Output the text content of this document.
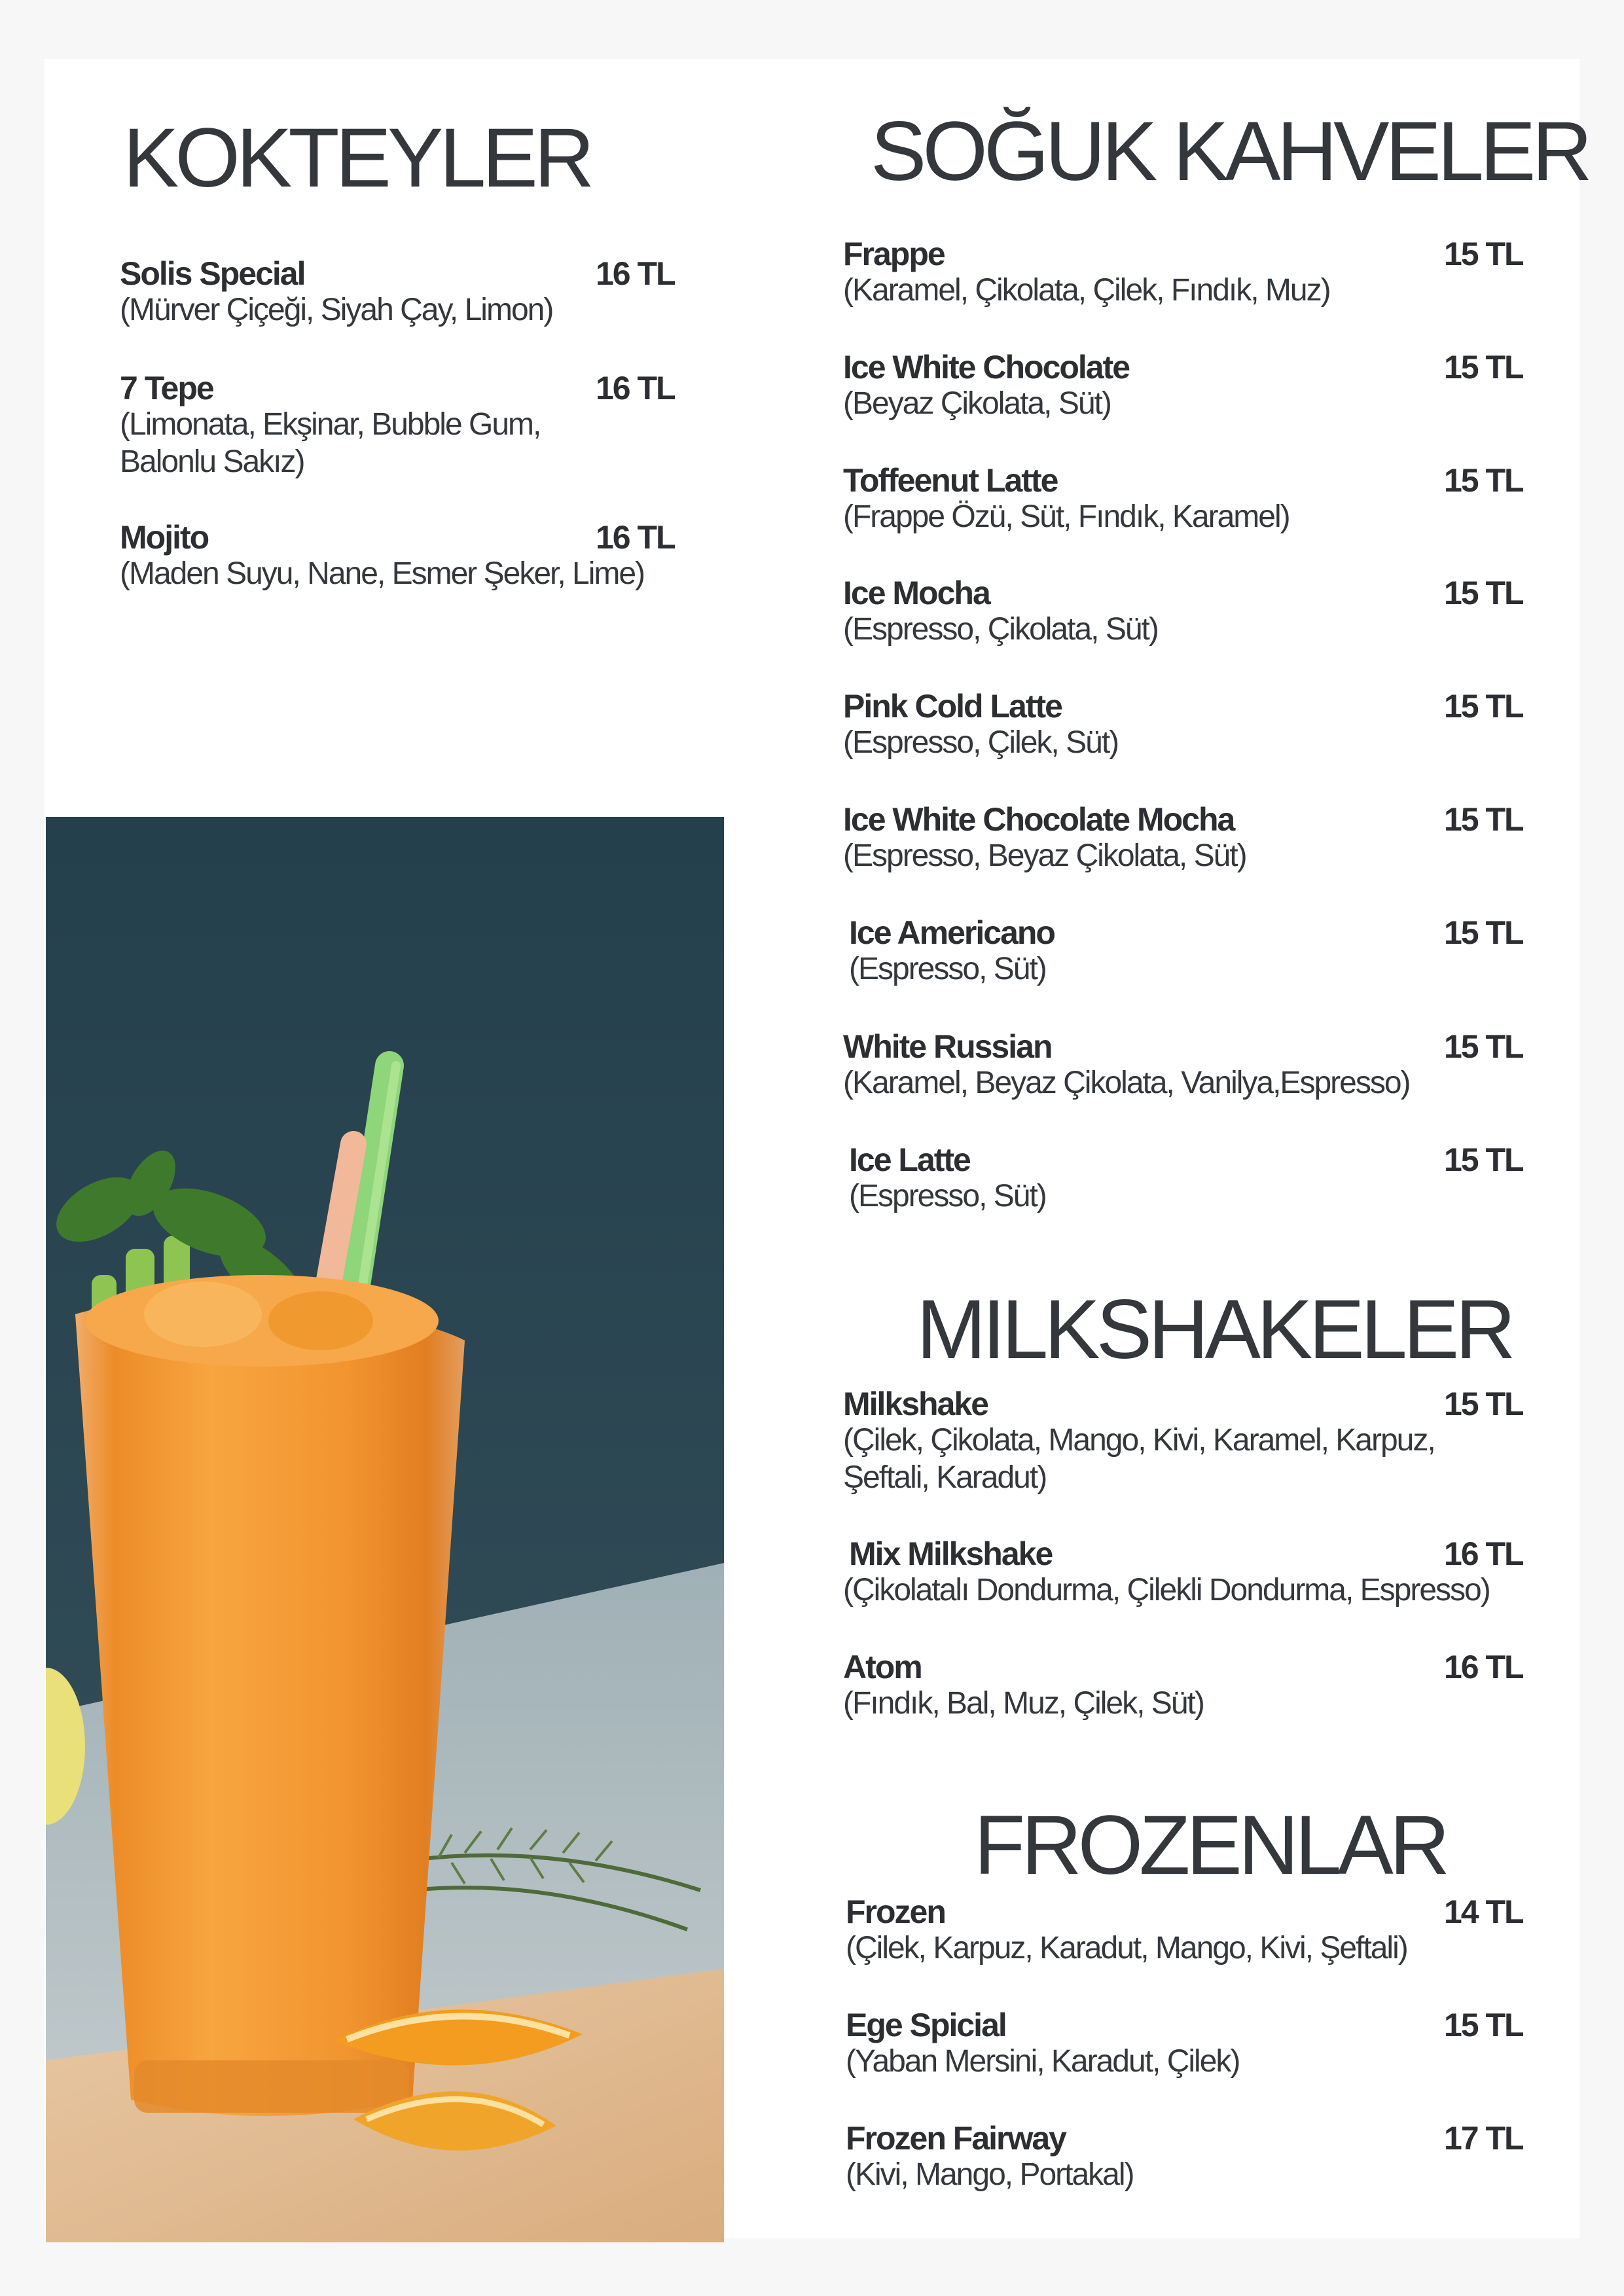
KOKTEYLER
Solis Special	16 TL
(Mürver Çiçeği, Siyah Çay, Limon)
7 Tepe	16 TL
(Limonata, Ekşinar, Bubble Gum, Balonlu Sakız)
Mojito	16 TL
(Maden Suyu, Nane, Esmer Şeker, Lime)
SOĞUK KAHVELER
Frappe	15 TL
(Karamel, Çikolata, Çilek, Fındık, Muz)
Ice White Chocolate	15 TL
(Beyaz Çikolata, Süt)
Toffeenut Latte	15 TL
(Frappe Özü, Süt, Fındık, Karamel)
Ice Mocha	15 TL
(Espresso, Çikolata, Süt)
Pink Cold Latte	15 TL
(Espresso, Çilek, Süt)
Ice White Chocolate Mocha	15 TL
(Espresso, Beyaz Çikolata, Süt)
Ice Americano	15 TL
(Espresso, Süt)
White Russian	15 TL
(Karamel, Beyaz Çikolata, Vanilya,Espresso)
Ice Latte	15 TL
(Espresso, Süt)
MILKSHAKELER
Milkshake	15 TL
(Çilek, Çikolata, Mango, Kivi, Karamel, Karpuz, Şeftali, Karadut)
Mix Milkshake	16 TL
(Çikolatalı Dondurma, Çilekli Dondurma, Espresso)
Atom	16 TL
(Fındık, Bal, Muz, Çilek, Süt)
FROZENLAR
Frozen	14 TL
(Çilek, Karpuz, Karadut, Mango, Kivi, Şeftali)
Ege Spicial	15 TL
(Yaban Mersini, Karadut, Çilek)
Frozen Fairway	17 TL
(Kivi, Mango, Portakal)
